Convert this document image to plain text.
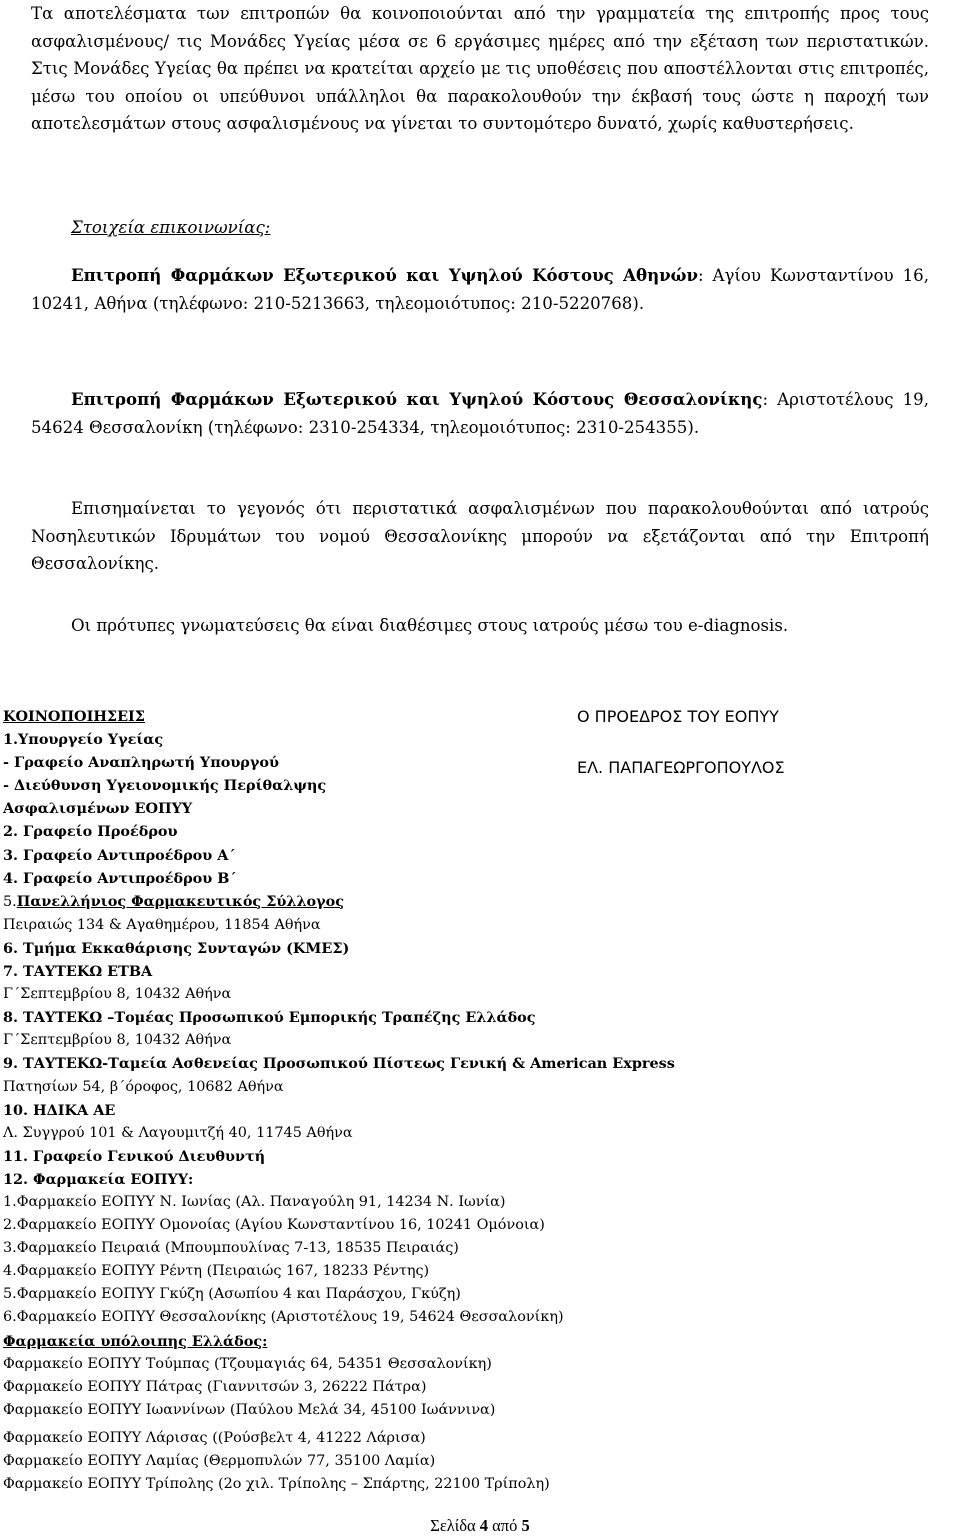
Τα αποτελέσματα των επιτροπών θα κοινοποιούνται από την γραμματεία της επιτροπής προς τους ασφαλισμένους/ τις Μονάδες Υγείας μέσα σε 6 εργάσιμες ημέρες από την εξέταση των περιστατικών. Στις Μονάδες Υγείας θα πρέπει να κρατείται αρχείο με τις υποθέσεις που αποστέλλονται στις επιτροπές, μέσω του οποίου οι υπεύθυνοι υπάλληλοι θα παρακολουθούν την έκβασή τους ώστε η παροχή των αποτελεσμάτων στους ασφαλισμένους να γίνεται το συντομότερο δυνατό, χωρίς καθυστερήσεις.

Στοιχεία επικοινωνίας:

Επιτροπή Φαρμάκων Εξωτερικού και Υψηλού Κόστους Αθηνών: Αγίου Κωνσταντίνου 16, 10241, Αθήνα (τηλέφωνο: 210-5213663, τηλεομοιότυπος: 210-5220768).

Επιτροπή Φαρμάκων Εξωτερικού και Υψηλού Κόστους Θεσσαλονίκης: Αριστοτέλους 19, 54624 Θεσσαλονίκη (τηλέφωνο: 2310-254334, τηλεομοιότυπος: 2310-254355).

Επισημαίνεται το γεγονός ότι περιστατικά ασφαλισμένων που παρακολουθούνται από ιατρούς Νοσηλευτικών Ιδρυμάτων του νομού Θεσσαλονίκης μπορούν να εξετάζονται από την Επιτροπή Θεσσαλονίκης.

Οι πρότυπες γνωματεύσεις θα είναι διαθέσιμες στους ιατρούς μέσω του e-diagnosis.

Ο ΠΡΟΕΔΡΟΣ ΤΟΥ ΕΟΠΥΥ
ΕΛ. ΠΑΠΑΓΕΩΡΓΟΠΟΥΛΟΣ
ΚΟΙΝΟΠΟΙΗΣΕΙΣ
1.Υπουργείο Υγείας
- Γραφείο Αναπληρωτή Υπουργού
- Διεύθυνση Υγειονομικής Περίθαλψης
Ασφαλισμένων ΕΟΠΥΥ
2. Γραφείο Προέδρου
3. Γραφείο Αντιπροέδρου Α΄
4. Γραφείο Αντιπροέδρου Β΄
5.Πανελλήνιος Φαρμακευτικός Σύλλογος
Πειραιώς 134 & Αγαθημέρου, 11854 Αθήνα
6. Τμήμα Εκκαθάρισης Συνταγών (ΚΜΕΣ)
7. ΤΑΥΤΕΚΩ ΕΤΒΑ
Γ΄Σεπτεμβρίου 8, 10432 Αθήνα
8. ΤΑΥΤΕΚΩ –Τομέας Προσωπικού Εμπορικής Τραπέζης Ελλάδος
Γ΄Σεπτεμβρίου 8, 10432 Αθήνα
9. ΤΑΥΤΕΚΩ-Ταμεία Ασθενείας Προσωπικού Πίστεως Γενική & American Express
Πατησίων 54, β΄όροφος, 10682 Αθήνα
10. ΗΔΙΚΑ ΑΕ
Λ. Συγγρού 101 & Λαγουμιτζή 40, 11745 Αθήνα
11. Γραφείο Γενικού Διευθυντή
12. Φαρμακεία ΕΟΠΥΥ:
1.Φαρμακείο ΕΟΠΥΥ Ν. Ιωνίας (Αλ. Παναγούλη 91, 14234 Ν. Ιωνία)
2.Φαρμακείο ΕΟΠΥΥ Ομονοίας (Αγίου Κωνσταντίνου 16, 10241 Ομόνοια)
3.Φαρμακείο Πειραιά (Μπουμπουλίνας 7-13, 18535 Πειραιάς)
4.Φαρμακείο ΕΟΠΥΥ Ρέντη (Πειραιώς 167, 18233 Ρέντης)
5.Φαρμακείο ΕΟΠΥΥ Γκύζη (Ασωπίου 4 και Παράσχου, Γκύζη)
6.Φαρμακείο ΕΟΠΥΥ Θεσσαλονίκης (Αριστοτέλους 19, 54624 Θεσσαλονίκη)
Φαρμακεία υπόλοιπης Ελλάδος:
Φαρμακείο ΕΟΠΥΥ Τούμπας (Τζουμαγιάς 64, 54351 Θεσσαλονίκη)
Φαρμακείο ΕΟΠΥΥ Πάτρας (Γιαννιτσών 3, 26222 Πάτρα)
Φαρμακείο ΕΟΠΥΥ Ιωαννίνων (Παύλου Μελά 34, 45100 Ιωάννινα)
Φαρμακείο ΕΟΠΥΥ Λάρισας ((Ρούσβελτ 4, 41222 Λάρισα)
Φαρμακείο ΕΟΠΥΥ Λαμίας (Θερμοπυλών 77, 35100 Λαμία)
Φαρμακείο ΕΟΠΥΥ Τρίπολης (2ο χιλ. Τρίπολης – Σπάρτης, 22100 Τρίπολη)
Σελίδα 4 από 5
